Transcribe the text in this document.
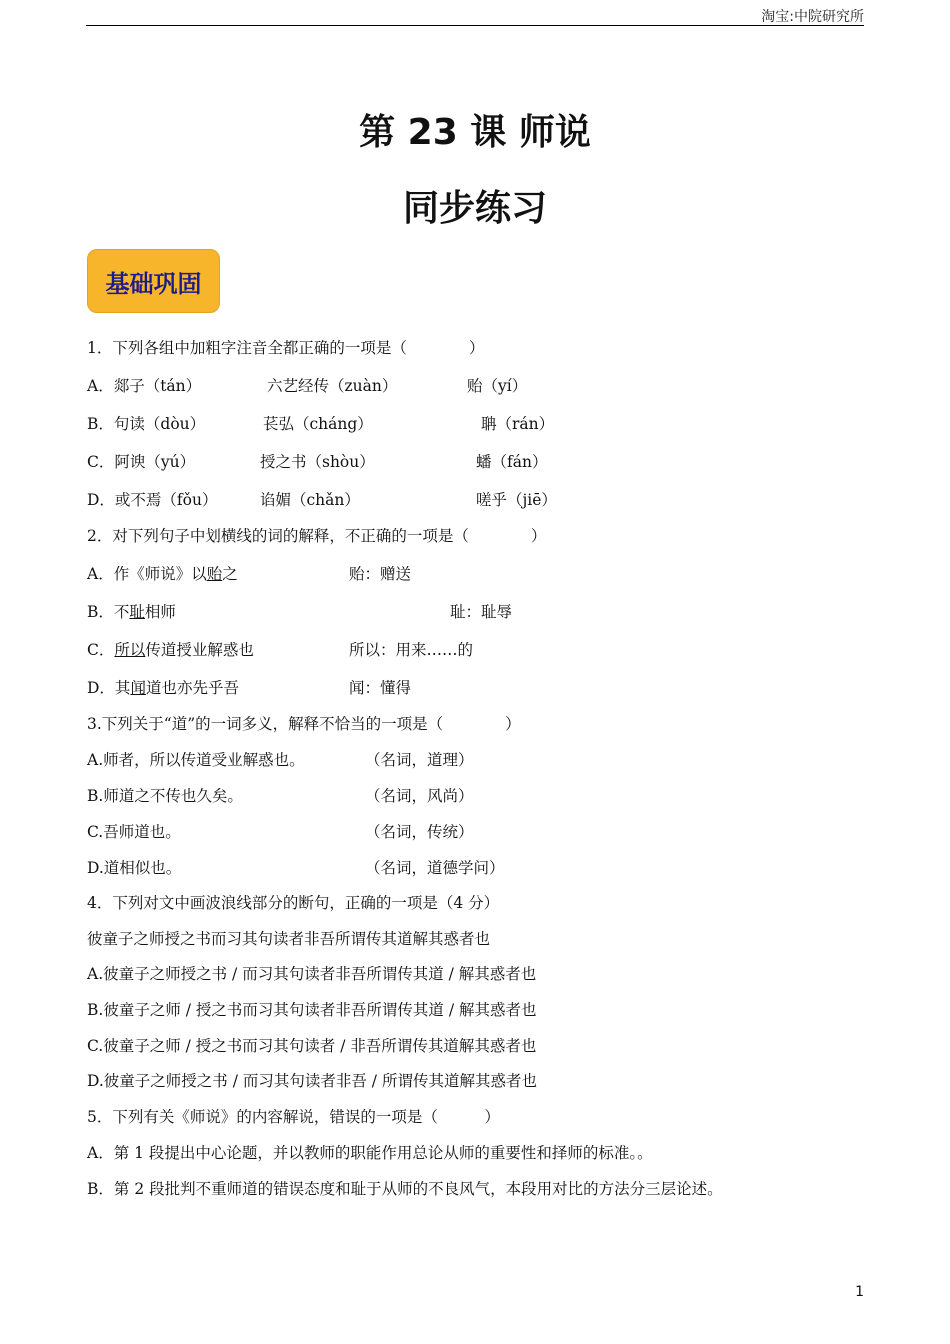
淘宝:中院研究所
第 23 课 师说
同步练习
基础巩固
1．下列各组中加粗字注音全都正确的一项是（　　　　）
A．郯子（tán）	六艺经传（zuàn）	贻（yí）
B．句读（dòu）	苌弘（cháng）	聃（rán）
C．阿谀（yú）	授之书（shòu）	蟠（fán）
D．或不焉（fǒu）	谄媚（chǎn）	嗟乎（jiē）
2．对下列句子中划横线的词的解释，不正确的一项是（　　　　）
A．作《师说》以贻之	贻：赠送
B．不耻相师	耻：耻辱
C．所以传道授业解惑也	所以：用来……的
D．其闻道也亦先乎吾	闻：懂得
3.下列关于“道”的一词多义，解释不恰当的一项是（　　　　）
A.师者，所以传道受业解惑也。	（名词，道理）
B.师道之不传也久矣。	（名词，风尚）
C.吾师道也。	（名词，传统）
D.道相似也。	（名词，道德学问）
4．下列对文中画波浪线部分的断句，正确的一项是（4 分）
彼童子之师授之书而习其句读者非吾所谓传其道解其惑者也
A.彼童子之师授之书 / 而习其句读者非吾所谓传其道 / 解其惑者也
B.彼童子之师 / 授之书而习其句读者非吾所谓传其道 / 解其惑者也
C.彼童子之师 / 授之书而习其句读者 / 非吾所谓传其道解其惑者也
D.彼童子之师授之书 / 而习其句读者非吾 / 所谓传其道解其惑者也
5．下列有关《师说》的内容解说，错误的一项是（　　　）
A．第 1 段提出中心论题，并以教师的职能作用总论从师的重要性和择师的标准。。
B．第 2 段批判不重师道的错误态度和耻于从师的不良风气，本段用对比的方法分三层论述。
1
